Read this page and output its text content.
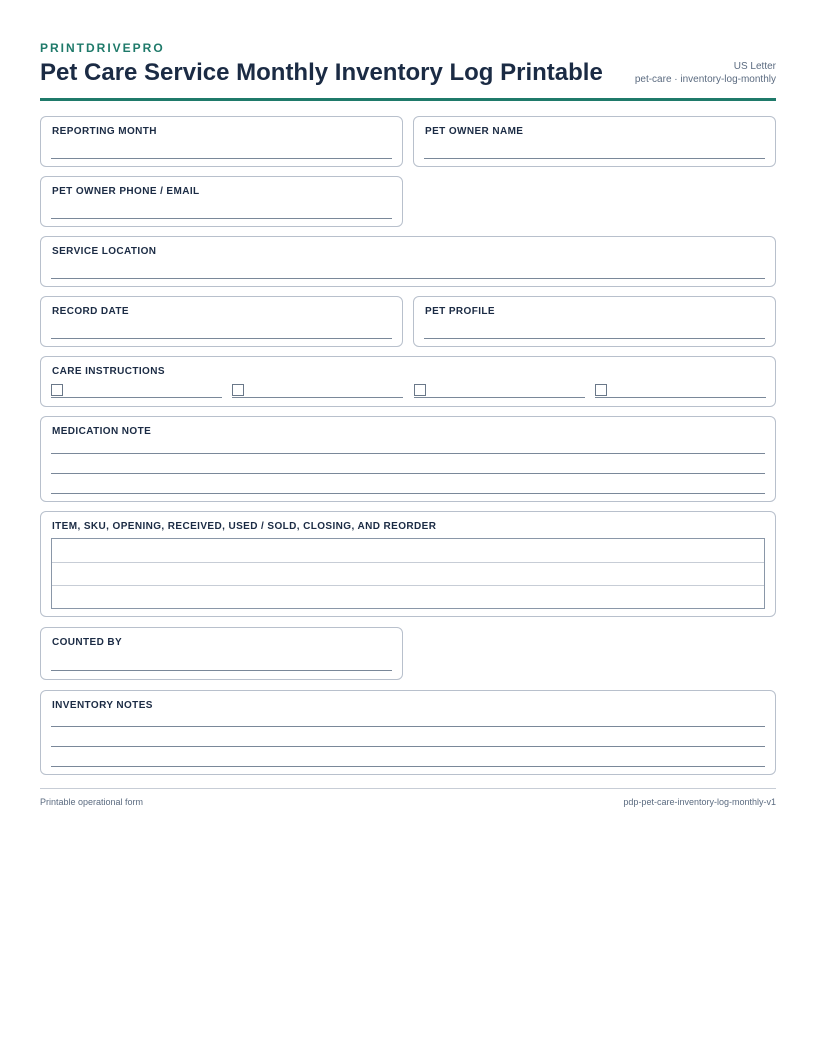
PRINTDRIVEPRO
Pet Care Service Monthly Inventory Log Printable	US Letter
pet-care · inventory-log-monthly
REPORTING MONTH	PET OWNER NAME
PET OWNER PHONE / EMAIL
SERVICE LOCATION
RECORD DATE	PET PROFILE
CARE INSTRUCTIONS
MEDICATION NOTE
ITEM, SKU, OPENING, RECEIVED, USED / SOLD, CLOSING, AND REORDER
COUNTED BY
INVENTORY NOTES
Printable operational form	pdp-pet-care-inventory-log-monthly-v1
